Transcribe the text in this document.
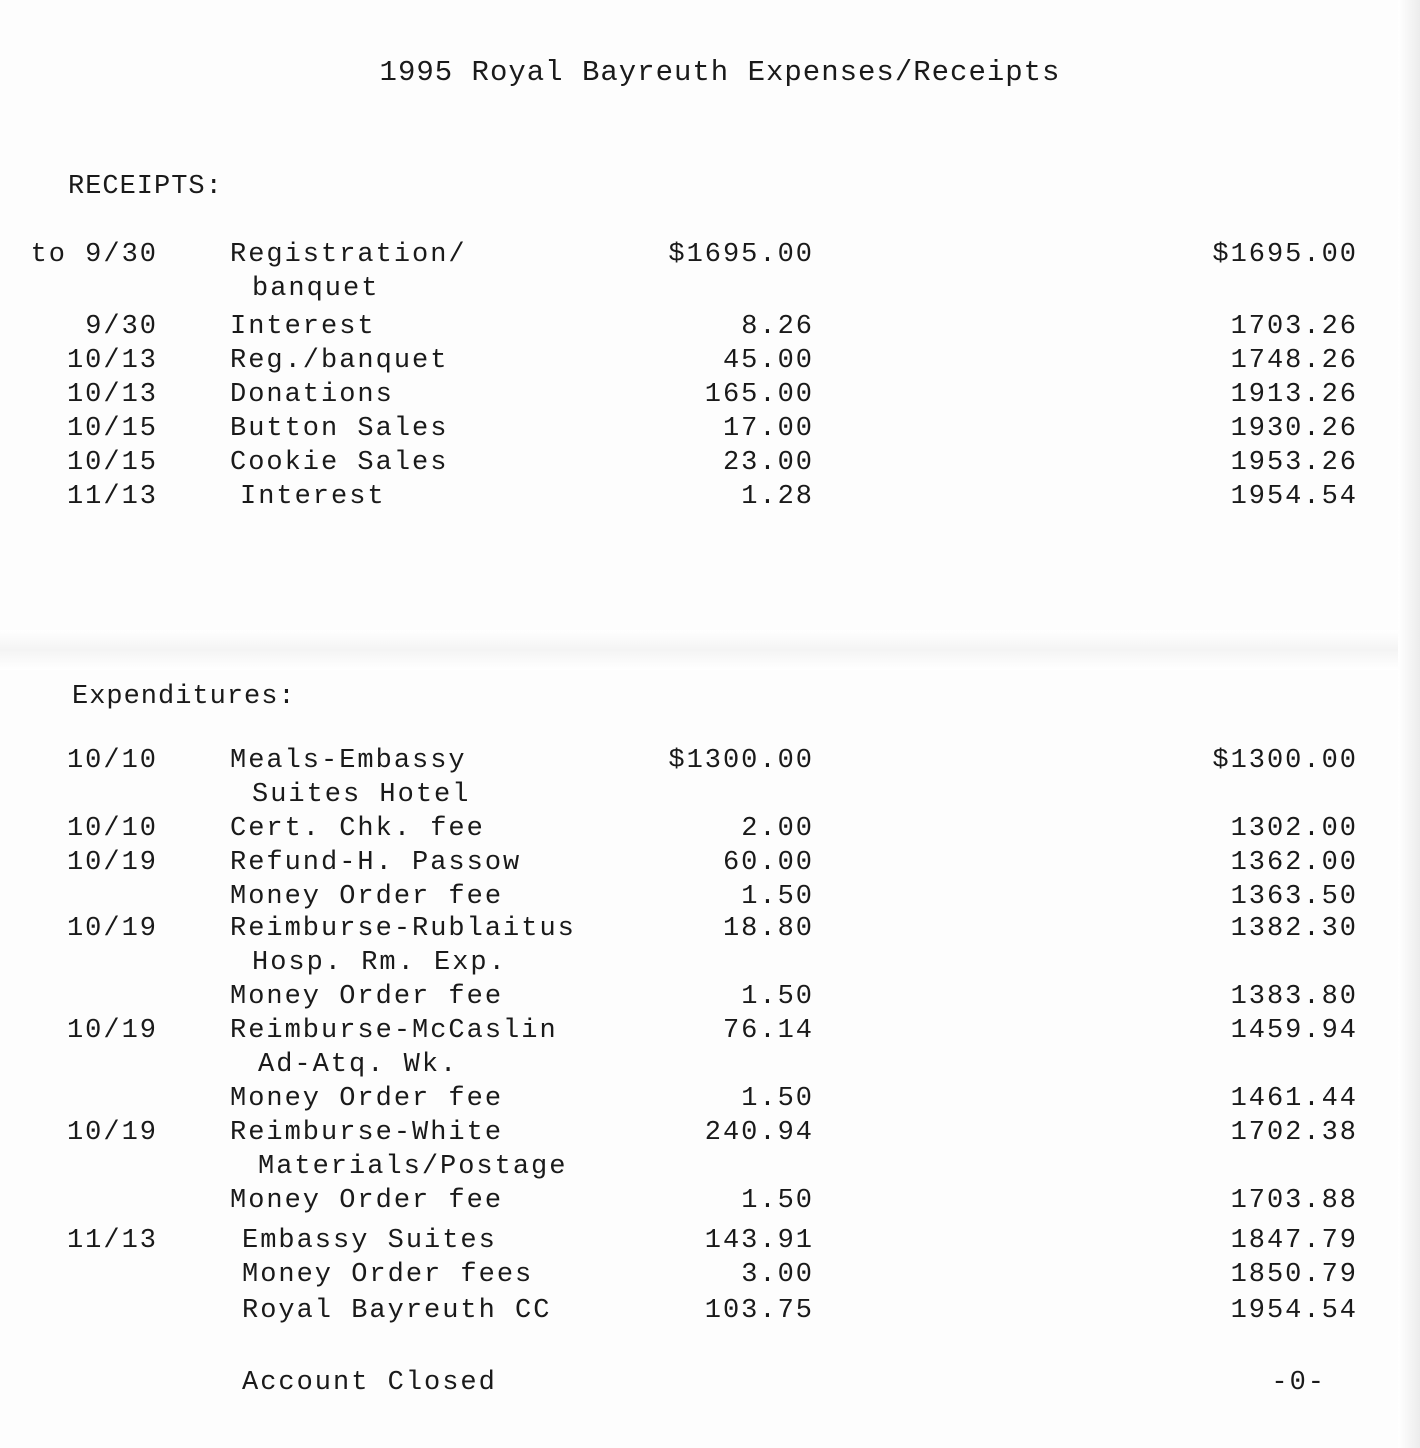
1995 Royal Bayreuth Expenses/Receipts
RECEIPTS:
to 9/30	Registration/	$1695.00	$1695.00
banquet
9/30	Interest	8.26	1703.26
10/13	Reg./banquet	45.00	1748.26
10/13	Donations	165.00	1913.26
10/15	Button Sales	17.00	1930.26
10/15	Cookie Sales	23.00	1953.26
11/13	Interest	1.28	1954.54
Expenditures:
10/10	Meals-Embassy	$1300.00	$1300.00
Suites Hotel
10/10	Cert. Chk. fee	2.00	1302.00
10/19	Refund-H. Passow	60.00	1362.00
Money Order fee	1.50	1363.50
10/19	Reimburse-Rublaitus	18.80	1382.30
Hosp. Rm. Exp.
Money Order fee	1.50	1383.80
10/19	Reimburse-McCaslin	76.14	1459.94
Ad-Atq. Wk.
Money Order fee	1.50	1461.44
10/19	Reimburse-White	240.94	1702.38
Materials/Postage
Money Order fee	1.50	1703.88
11/13	Embassy Suites	143.91	1847.79
Money Order fees	3.00	1850.79
Royal Bayreuth CC	103.75	1954.54
Account Closed	-0-
